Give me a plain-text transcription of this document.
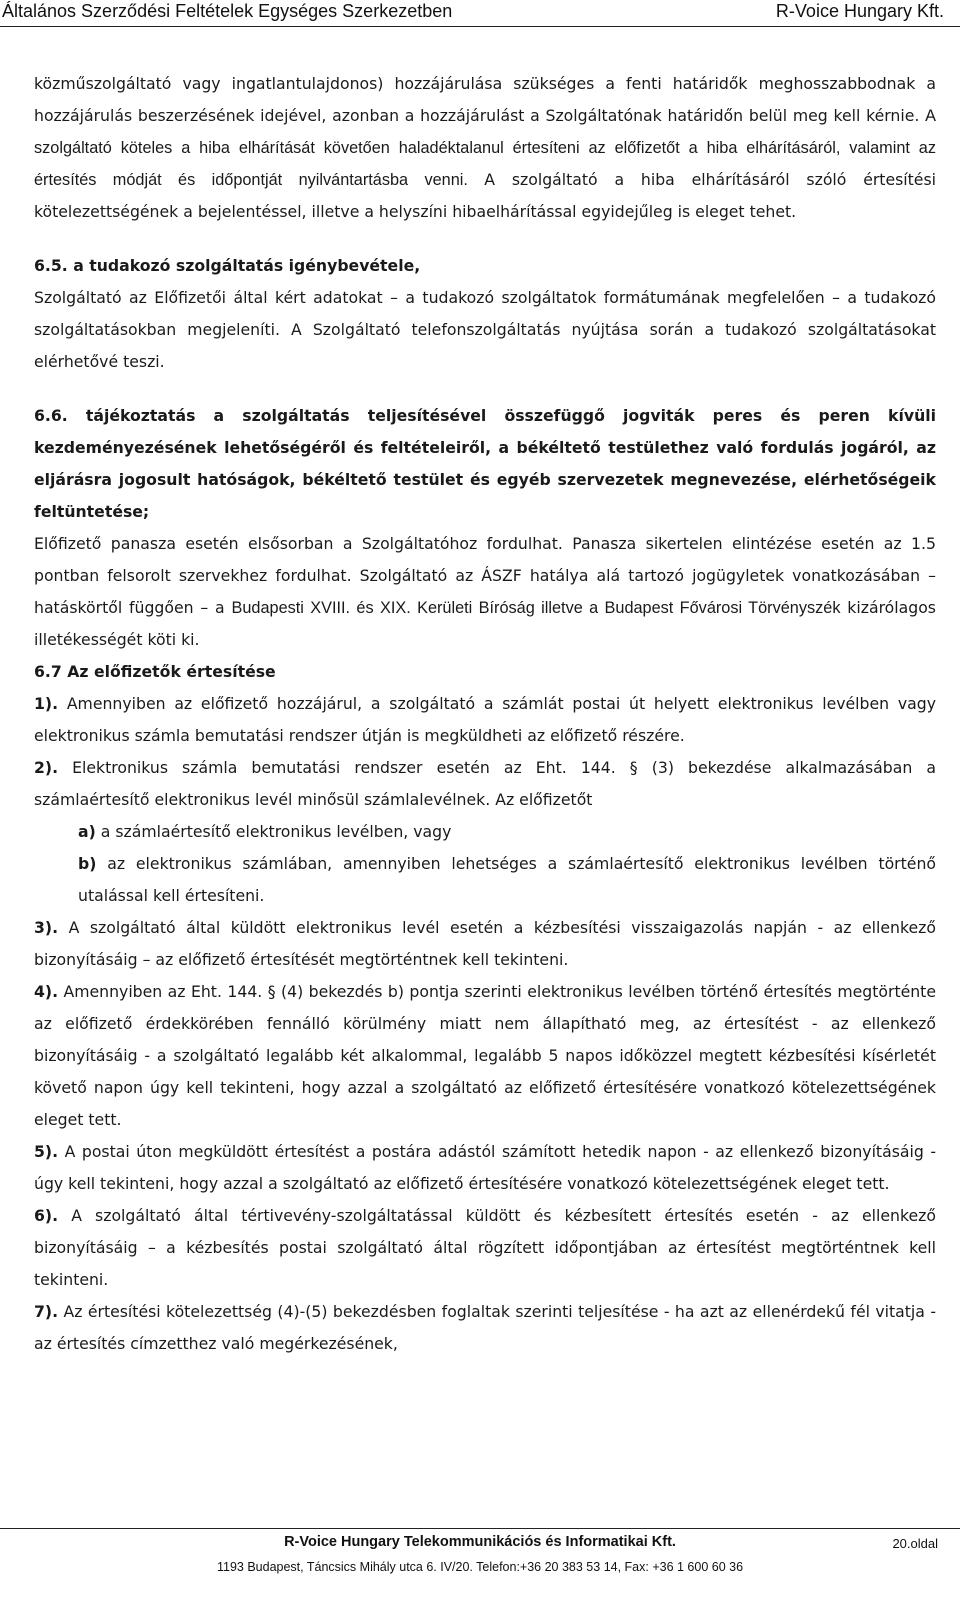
Általános Szerződési Feltételek Egységes Szerkezetben	R-Voice Hungary Kft.

közműszolgáltató vagy ingatlantulajdonos) hozzájárulása szükséges a fenti határidők meghosszabbodnak a hozzájárulás beszerzésének idejével, azonban a hozzájárulást a Szolgáltatónak határidőn belül meg kell kérnie. A szolgáltató köteles a hiba elhárítását követően haladéktalanul értesíteni az előfizetőt a hiba elhárításáról, valamint az értesítés módját és időpontját nyilvántartásba venni. A szolgáltató a hiba elhárításáról szóló értesítési kötelezettségének a bejelentéssel, illetve a helyszíni hibaelhárítással egyidejűleg is eleget tehet.

6.5. a tudakozó szolgáltatás igénybevétele,

Szolgáltató az Előfizetői által kért adatokat – a tudakozó szolgáltatok formátumának megfelelően – a tudakozó szolgáltatásokban megjeleníti. A Szolgáltató telefonszolgáltatás nyújtása során a tudakozó szolgáltatásokat elérhetővé teszi.

6.6. tájékoztatás a szolgáltatás teljesítésével összefüggő jogviták peres és peren kívüli kezdeményezésének lehetőségéről és feltételeiről, a békéltető testülethez való fordulás jogáról, az eljárásra jogosult hatóságok, békéltető testület és egyéb szervezetek megnevezése, elérhetőségeik feltüntetése;

Előfizető panasza esetén elsősorban a Szolgáltatóhoz fordulhat. Panasza sikertelen elintézése esetén az 1.5 pontban felsorolt szervekhez fordulhat. Szolgáltató az ÁSZF hatálya alá tartozó jogügyletek vonatkozásában – hatáskörtől függően – a Budapesti XVIII. és XIX. Kerületi Bíróság illetve a Budapest Fővárosi Törvényszék kizárólagos illetékességét köti ki.

6.7 Az előfizetők értesítése

1). Amennyiben az előfizető hozzájárul, a szolgáltató a számlát postai út helyett elektronikus levélben vagy elektronikus számla bemutatási rendszer útján is megküldheti az előfizető részére.

2). Elektronikus számla bemutatási rendszer esetén az Eht. 144. § (3) bekezdése alkalmazásában a számlaértesítő elektronikus levél minősül számlalevélnek. Az előfizetőt

a) a számlaértesítő elektronikus levélben, vagy

b) az elektronikus számlában, amennyiben lehetséges a számlaértesítő elektronikus levélben történő utalással kell értesíteni.

3). A szolgáltató által küldött elektronikus levél esetén a kézbesítési visszaigazolás napján - az ellenkező bizonyításáig – az előfizető értesítését megtörténtnek kell tekinteni.

4). Amennyiben az Eht. 144. § (4) bekezdés b) pontja szerinti elektronikus levélben történő értesítés megtörténte az előfizető érdekkörében fennálló körülmény miatt nem állapítható meg, az értesítést - az ellenkező bizonyításáig - a szolgáltató legalább két alkalommal, legalább 5 napos időközzel megtett kézbesítési kísérletét követő napon úgy kell tekinteni, hogy azzal a szolgáltató az előfizető értesítésére vonatkozó kötelezettségének eleget tett.

5). A postai úton megküldött értesítést a postára adástól számított hetedik napon - az ellenkező bizonyításáig - úgy kell tekinteni, hogy azzal a szolgáltató az előfizető értesítésére vonatkozó kötelezettségének eleget tett.

6). A szolgáltató által tértivevény-szolgáltatással küldött és kézbesített értesítés esetén - az ellenkező bizonyításáig – a kézbesítés postai szolgáltató által rögzített időpontjában az értesítést megtörténtnek kell tekinteni.

7). Az értesítési kötelezettség (4)-(5) bekezdésben foglaltak szerinti teljesítése - ha azt az ellenérdekű fél vitatja - az értesítés címzetthez való megérkezésének,

R-Voice Hungary Telekommunikációs és Informatikai Kft.	20.oldal
1193 Budapest, Táncsics Mihály utca 6. IV/20. Telefon:+36 20 383 53 14, Fax: +36 1 600 60 36
